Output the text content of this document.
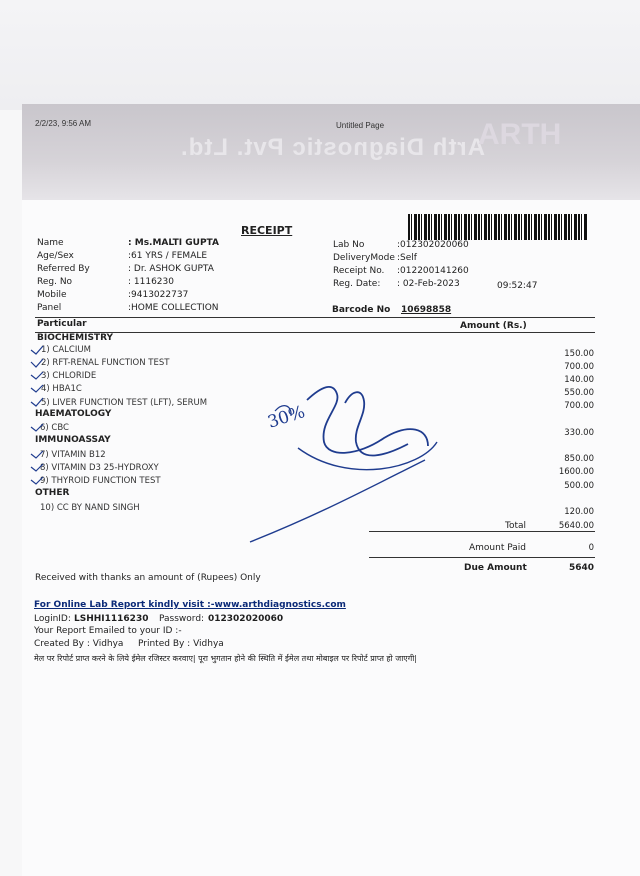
2/2/23, 9:56 AM	Untitled Page
Arth Diagnostic Pvt. Ltd.
ARTH
RECEIPT
Name	: Ms.MALTI GUPTA
Age/Sex	:61 YRS / FEMALE
Referred By	: Dr. ASHOK GUPTA
Reg. No	: 1116230
Mobile	:9413022737
Panel	:HOME COLLECTION
Lab No	:012302020060
DeliveryMode :Self
Receipt No. :012200141260
Reg. Date: : 02-Feb-2023	09:52:47
Barcode No 10698858
Particular	Amount (Rs.)
BIOCHEMISTRY
HAEMATOLOGY
IMMUNOASSAY
OTHER
1) CALCIUM	150.00
2) RFT-RENAL FUNCTION TEST	700.00
3) CHLORIDE	140.00
4) HBA1C	550.00
5) LIVER FUNCTION TEST (LFT), SERUM	700.00
6) CBC	330.00
7) VITAMIN B12	850.00
8) VITAMIN D3 25-HYDROXY	1600.00
9) THYROID FUNCTION TEST	500.00
10) CC BY NAND SINGH	120.00
Total	5640.00
Amount Paid	0
Due Amount	5640
Received with thanks an amount of (Rupees) Only
For Online Lab Report kindly visit :-www.arthdiagnostics.com
LoginID: LSHHI1116230 Password: 012302020060
Your Report Emailed to your ID :-
Created By : Vidhya Printed By : Vidhya
मेल पर रिपोर्ट प्राप्त करने के लिये ईमेल रजिस्टर करवाए| पूरा भुगतान होने की स्थिति में ईमेल तथा मोबाइल पर रिपोर्ट प्राप्त हो जाएगी|
30%
